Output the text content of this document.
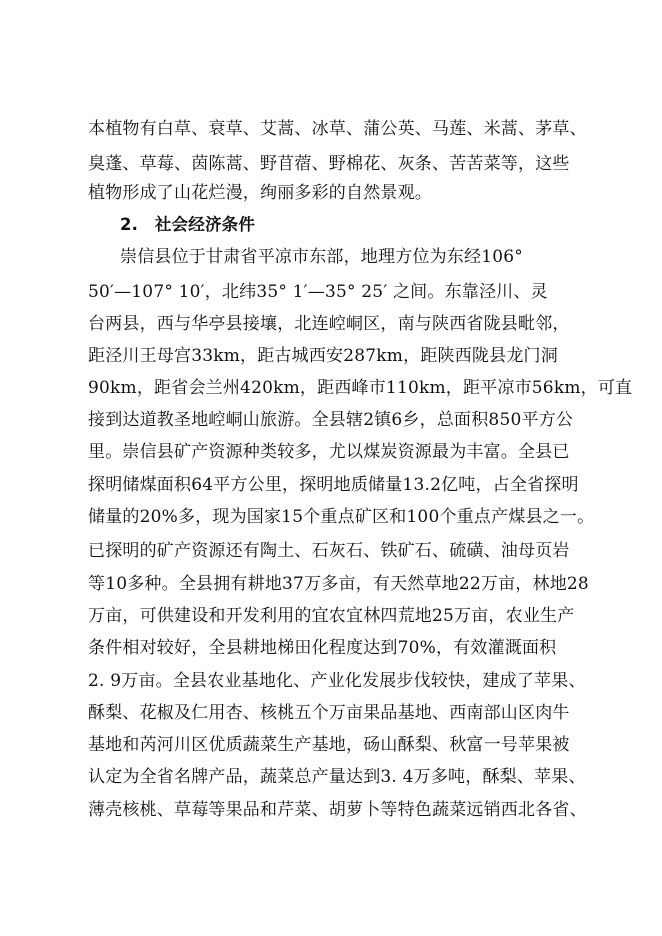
本植物有白草、衰草、艾蒿、冰草、蒲公英、马莲、米蒿、茅草、
臭蓬、草莓、茵陈蒿、野苜蓿、野棉花、灰条、苦苦菜等，这些
植物形成了山花烂漫，绚丽多彩的自然景观。
2.　社会经济条件
崇信县位于甘肃省平凉市东部，地理方位为东经106°
50′—107° 10′，北纬35° 1′—35° 25′ 之间。东靠泾川、灵
台两县，西与华亭县接壤，北连崆峒区，南与陕西省陇县毗邻，
距泾川王母宫33km，距古城西安287km，距陕西陇县龙门洞
90km，距省会兰州420km，距西峰市110km，距平凉市56km，可直
接到达道教圣地崆峒山旅游。全县辖2镇6乡，总面积850平方公
里。崇信县矿产资源种类较多，尤以煤炭资源最为丰富。全县已
探明储煤面积64平方公里，探明地质储量13.2亿吨，占全省探明
储量的20%多，现为国家15个重点矿区和100个重点产煤县之一。
已探明的矿产资源还有陶土、石灰石、铁矿石、硫磺、油母页岩
等10多种。全县拥有耕地37万多亩，有天然草地22万亩，林地28
万亩，可供建设和开发利用的宜农宜林四荒地25万亩，农业生产
条件相对较好，全县耕地梯田化程度达到70%，有效灌溉面积
2. 9万亩。全县农业基地化、产业化发展步伐较快，建成了苹果、
酥梨、花椒及仁用杏、核桃五个万亩果品基地、西南部山区肉牛
基地和芮河川区优质蔬菜生产基地，砀山酥梨、秋富一号苹果被
认定为全省名牌产品，蔬菜总产量达到3. 4万多吨，酥梨、苹果、
薄壳核桃、草莓等果品和芹菜、胡萝卜等特色蔬菜远销西北各省、
